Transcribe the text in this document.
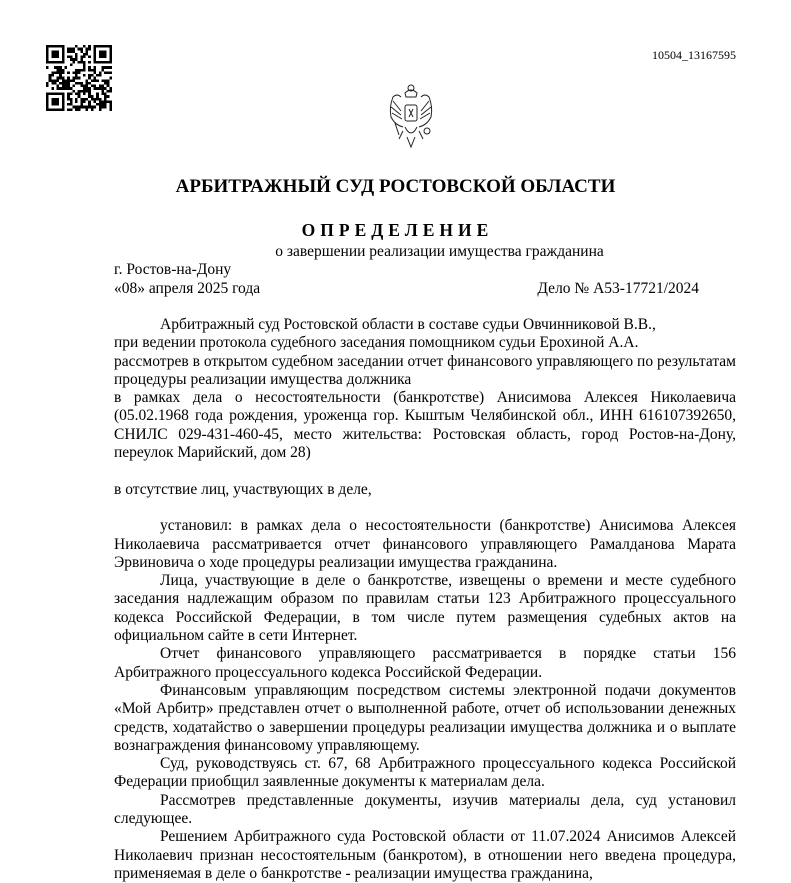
10504_13167595
АРБИТРАЖНЫЙ СУД РОСТОВСКОЙ ОБЛАСТИ
ОПРЕДЕЛЕНИЕ
о завершении реализации имущества гражданина
г. Ростов-на-Дону
«08» апреля 2025 года	Дело № А53-17721/2024

Арбитражный суд Ростовской области в составе судьи Овчинниковой В.В.,

при ведении протокола судебного заседания помощником судьи Ерохиной А.А.

рассмотрев в открытом судебном заседании отчет финансового управляющего по результатам процедуры реализации имущества должника

в рамках дела о несостоятельности (банкротстве) Анисимова Алексея Николаевича (05.02.1968 года рождения, уроженца гор. Кыштым Челябинской обл., ИНН 616107392650, СНИЛС 029-431-460-45, место жительства: Ростовская область, город Ростов-на-Дону, переулок Марийский, дом 28)

в отсутствие лиц, участвующих в деле,

установил: в рамках дела о несостоятельности (банкротстве) Анисимова Алексея Николаевича рассматривается отчет финансового управляющего Рамалданова Марата Эрвиновича о ходе процедуры реализации имущества гражданина.

Лица, участвующие в деле о банкротстве, извещены о времени и месте судебного заседания надлежащим образом по правилам статьи 123 Арбитражного процессуального кодекса Российской Федерации, в том числе путем размещения судебных актов на официальном сайте в сети Интернет.

Отчет финансового управляющего рассматривается в порядке статьи 156 Арбитражного процессуального кодекса Российской Федерации.

Финансовым управляющим посредством системы электронной подачи документов «Мой Арбитр» представлен отчет о выполненной работе, отчет об использовании денежных средств, ходатайство о завершении процедуры реализации имущества должника и о выплате вознаграждения финансовому управляющему.

Суд, руководствуясь ст. 67, 68 Арбитражного процессуального кодекса Российской Федерации приобщил заявленные документы к материалам дела.

Рассмотрев представленные документы, изучив материалы дела, суд установил следующее.

Решением Арбитражного суда Ростовской области от 11.07.2024 Анисимов Алексей Николаевич признан несостоятельным (банкротом), в отношении него введена процедура, применяемая в деле о банкротстве - реализации имущества гражданина,
